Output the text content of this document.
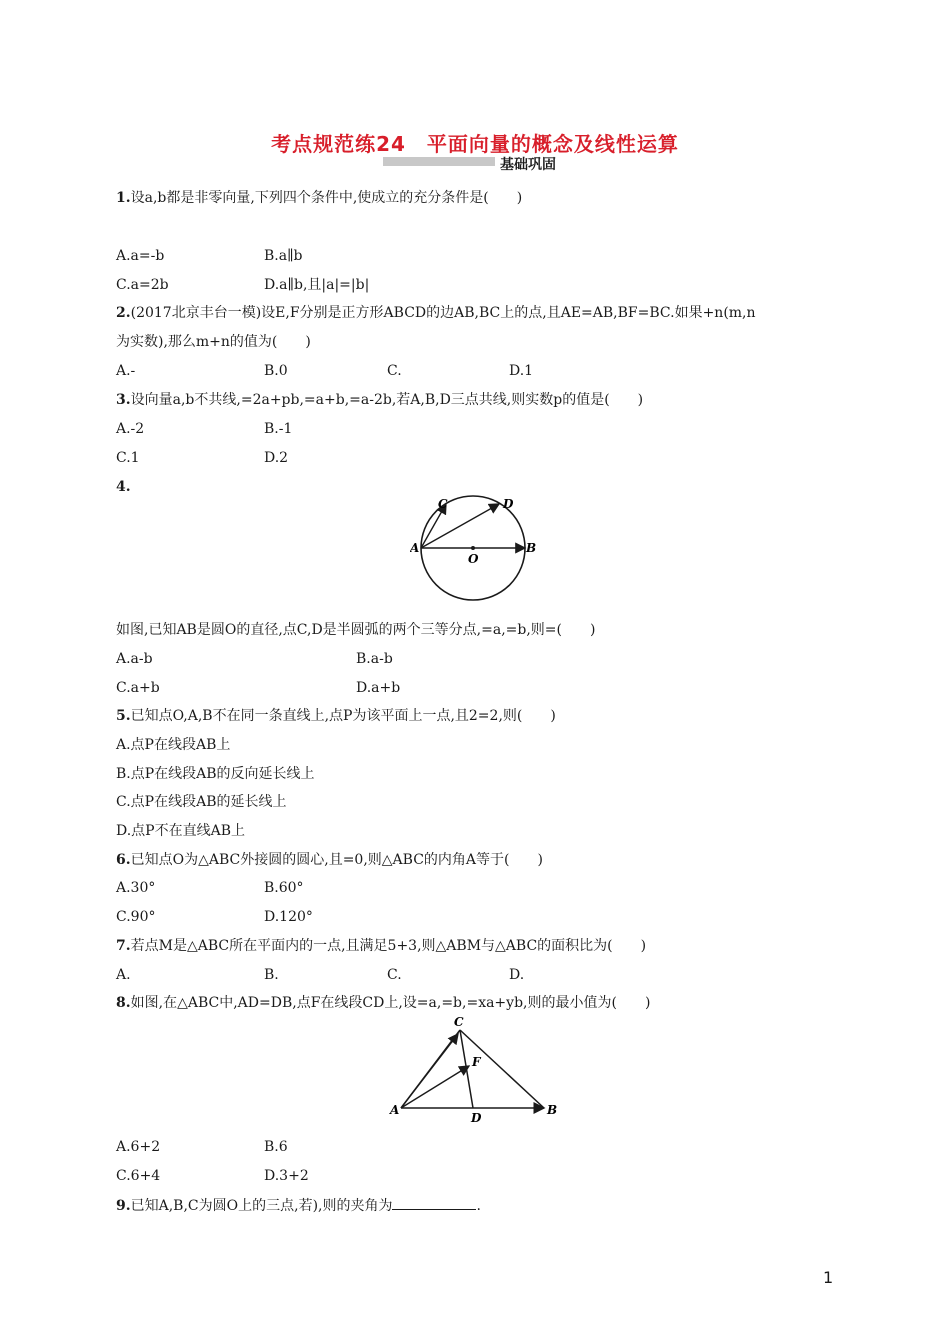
考点规范练24　平面向量的概念及线性运算
基础巩固
1.设a,b都是非零向量,下列四个条件中,使成立的充分条件是(　　)
A.a=-b	B.a∥b
C.a=2b	D.a∥b,且|a|=|b|
2.(2017北京丰台一模)设E,F分别是正方形ABCD的边AB,BC上的点,且AE=AB,BF=BC.如果+n(m,n
为实数),那么m+n的值为(　　)
A.-	B.0	C.	D.1
3.设向量a,b不共线,=2a+pb,=a+b,=a-2b,若A,B,D三点共线,则实数p的值是(　　)
A.-2	B.-1
C.1	D.2
4.
A	B
C	D
O
如图,已知AB是圆O的直径,点C,D是半圆弧的两个三等分点,=a,=b,则=(　　)
A.a-b	B.a-b
C.a+b	D.a+b
5.已知点O,A,B不在同一条直线上,点P为该平面上一点,且2=2,则(　　)
A.点P在线段AB上
B.点P在线段AB的反向延长线上
C.点P在线段AB的延长线上
D.点P不在直线AB上
6.已知点O为△ABC外接圆的圆心,且=0,则△ABC的内角A等于(　　)
A.30°	B.60°
C.90°	D.120°
7.若点M是△ABC所在平面内的一点,且满足5+3,则△ABM与△ABC的面积比为(　　)
A.	B.	C.	D.
8.如图,在△ABC中,AD=DB,点F在线段CD上,设=a,=b,=xa+yb,则的最小值为(　　)
A	B
C
D
F
A.6+2	B.6
C.6+4	D.3+2
9.已知A,B,C为圆O上的三点,若),则的夹角为	.
1
